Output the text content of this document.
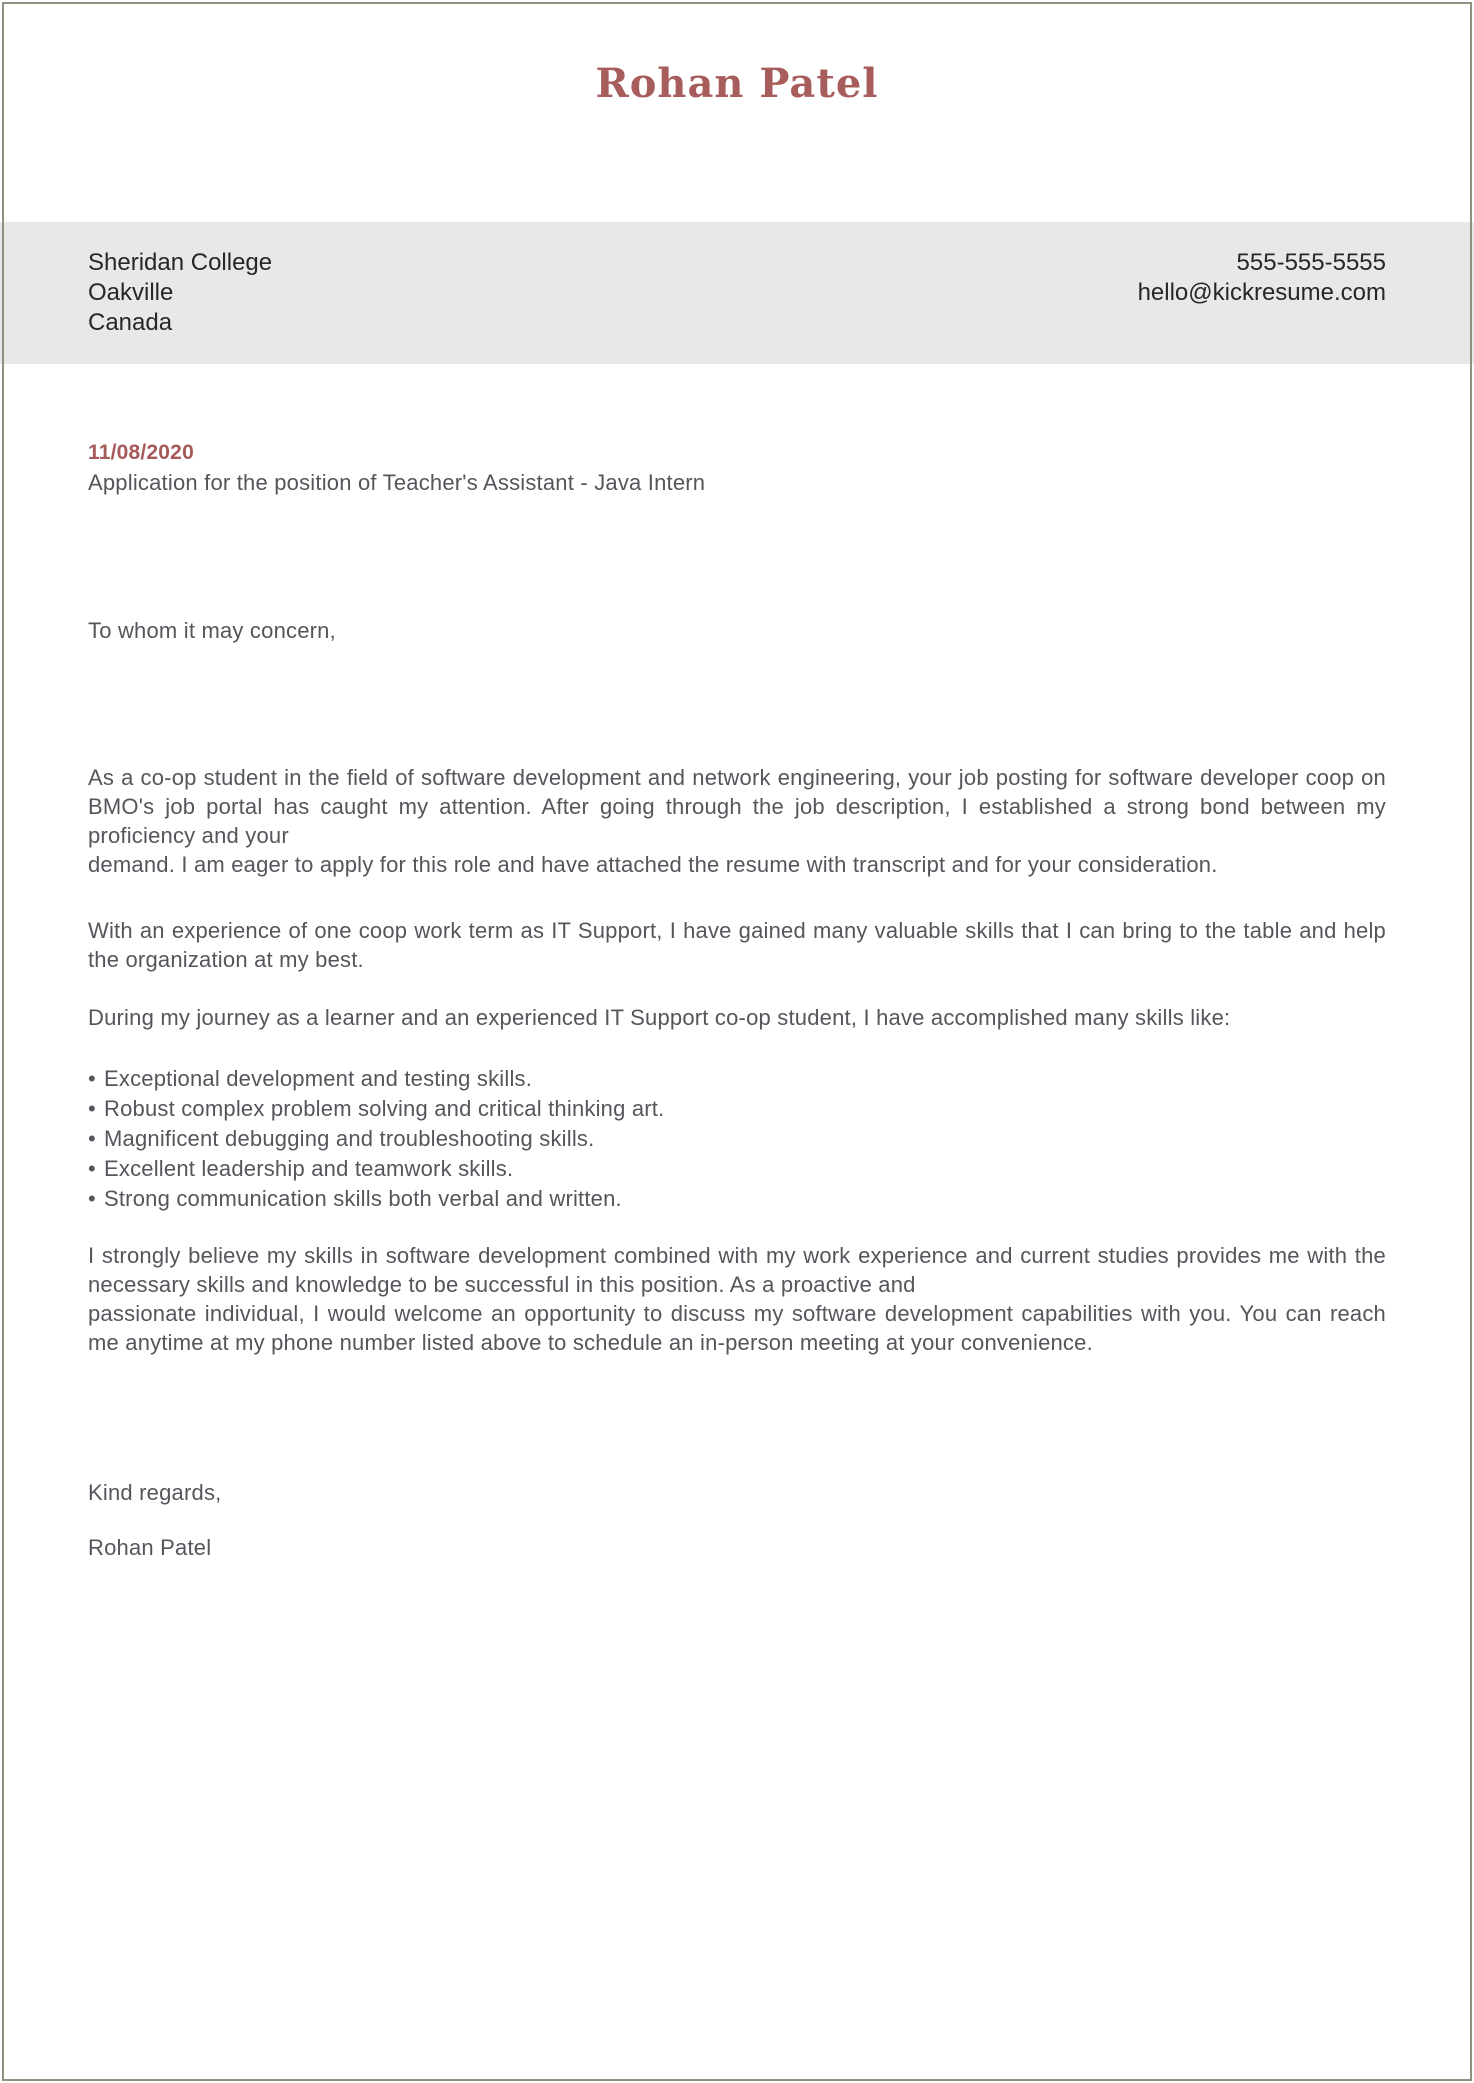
Rohan Patel
Sheridan College
Oakville
Canada
555-555-5555
hello@kickresume.com
11/08/2020
Application for the position of Teacher's Assistant - Java Intern
To whom it may concern,

As a co-op student in the field of software development and network engineering, your job posting for software developer coop on BMO's job portal has caught my attention. After going through the job description, I established a strong bond between my proficiency and your
demand. I am eager to apply for this role and have attached the resume with transcript and for your consideration.

With an experience of one coop work term as IT Support, I have gained many valuable skills that I can bring to the table and help the organization at my best.

During my journey as a learner and an experienced IT Support co-op student, I have accomplished many skills like:

• Exceptional development and testing skills.
• Robust complex problem solving and critical thinking art.
• Magnificent debugging and troubleshooting skills.
• Excellent leadership and teamwork skills.
• Strong communication skills both verbal and written.

I strongly believe my skills in software development combined with my work experience and current studies provides me with the necessary skills and knowledge to be successful in this position. As a proactive and
passionate individual, I would welcome an opportunity to discuss my software development capabilities with you. You can reach me anytime at my phone number listed above to schedule an in-person meeting at your convenience.

Kind regards,
Rohan Patel
